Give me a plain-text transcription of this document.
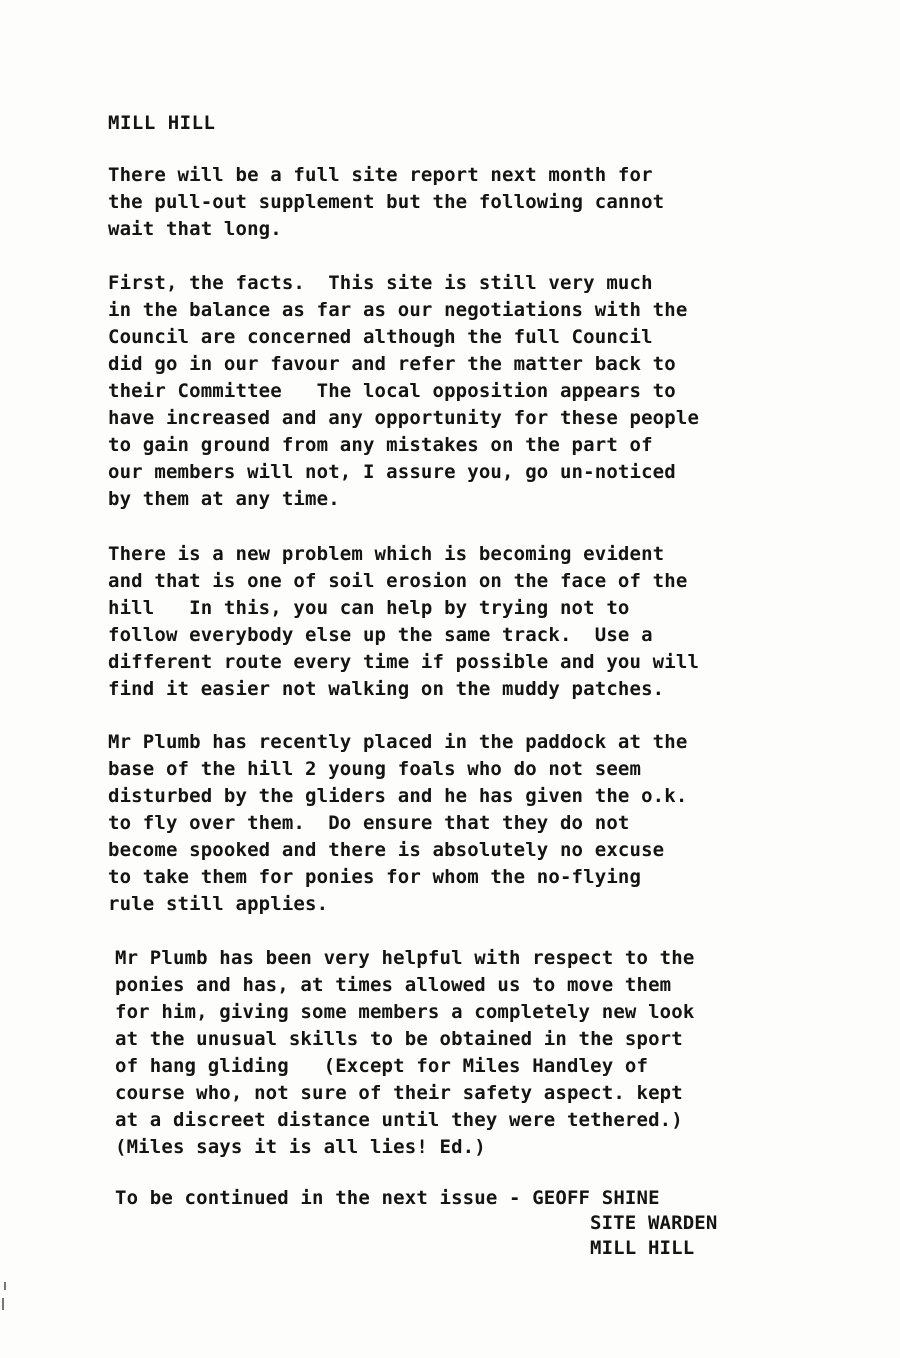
MILL HILL
There will be a full site report next month for
the pull-out supplement but the following cannot
wait that long.
First, the facts.  This site is still very much
in the balance as far as our negotiations with the
Council are concerned although the full Council
did go in our favour and refer the matter back to
their Committee   The local opposition appears to
have increased and any opportunity for these people
to gain ground from any mistakes on the part of
our members will not, I assure you, go un-noticed
by them at any time.
There is a new problem which is becoming evident
and that is one of soil erosion on the face of the
hill   In this, you can help by trying not to
follow everybody else up the same track.  Use a
different route every time if possible and you will
find it easier not walking on the muddy patches.
Mr Plumb has recently placed in the paddock at the
base of the hill 2 young foals who do not seem
disturbed by the gliders and he has given the o.k.
to fly over them.  Do ensure that they do not
become spooked and there is absolutely no excuse
to take them for ponies for whom the no-flying
rule still applies.
Mr Plumb has been very helpful with respect to the
ponies and has, at times allowed us to move them
for him, giving some members a completely new look
at the unusual skills to be obtained in the sport
of hang gliding   (Except for Miles Handley of
course who, not sure of their safety aspect. kept
at a discreet distance until they were tethered.)
(Miles says it is all lies! Ed.)
To be continued in the next issue - GEOFF SHINE
SITE WARDEN
MILL HILL
